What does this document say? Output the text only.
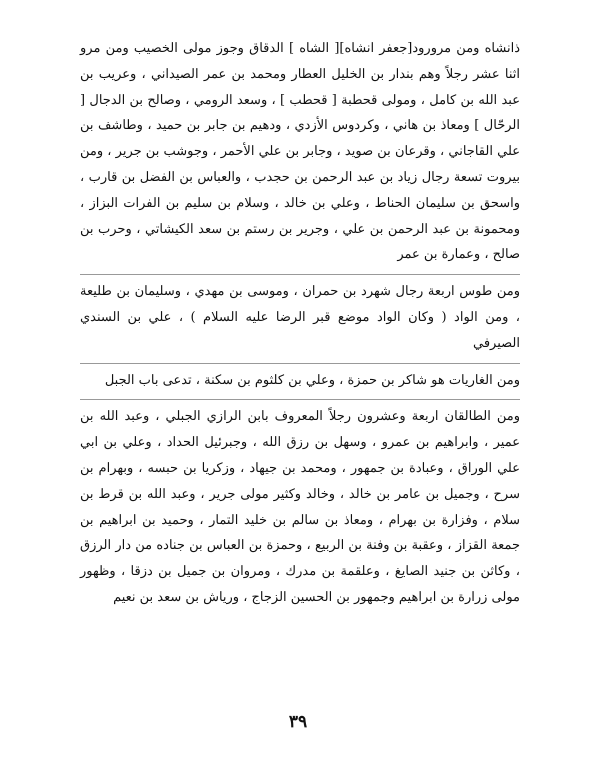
ذانشاه ومن مرورود[جعفر انشاه][ الشاه ] الدقاق وجوز مولى الخصيب ومن مرو اثنا عشر رجلاً وهم بندار بن الخليل العطار ومحمد بن عمر الصيداني ، وعريب بن عبد الله بن كامل ، ومولى قحطبة [ قحطب ] ، وسعد الرومي ، وصالح بن الدجال [ الرحّال ] ومعاذ بن هاني ، وكردوس الأزدي ، ودهيم بن جابر بن حميد ، وطاشف بن علي القاجاني ، وقرعان بن صويد ، وجابر بن علي الأحمر ، وجوشب بن جرير ، ومن بيروت تسعة رجال زياد بن عبد الرحمن بن حجدب ، والعباس بن الفضل بن قارب ، واسحق بن سليمان الحناط ، وعلي بن خالد ، وسلام بن سليم بن الفرات البزاز ، ومحمونة بن عبد الرحمن بن علي ، وجرير بن رستم بن سعد الكيشاتي ، وحرب بن صالح ، وعمارة بن عمر

ومن طوس اربعة رجال شهرد بن حمران ، وموسى بن مهدي ، وسليمان بن طليعة ، ومن الواد ( وكان الواد موضع قبر الرضا عليه السلام ) ، علي بن السندي الصيرفي

ومن الغاريات هو شاكر بن حمزة ، وعلي بن كلثوم بن سكنة ، تدعى باب الجبل

ومن الطالقان اربعة وعشرون رجلاً المعروف بابن الرازي الجبلي ، وعبد الله بن عمير ، وابراهيم بن عمرو ، وسهل بن رزق الله ، وجبرئيل الحداد ، وعلي بن ابي علي الوراق ، وعبادة بن جمهور ، ومحمد بن جيهاد ، وزكريا بن حبسه ، وبهرام بن سرح ، وجميل بن عامر بن خالد ، وخالد وكثير مولى جرير ، وعبد الله بن قرط بن سلام ، وفزارة بن بهرام ، ومعاذ بن سالم بن خليد التمار ، وحميد بن ابراهيم بن جمعة القزاز ، وعقبة بن وفنة بن الربيع ، وحمزة بن العباس بن جناده من دار الرزق ، وكاثن بن جنيد الصايغ ، وعلقمة بن مدرك ، ومروان بن جميل بن دزقا ، وظهور مولى زرارة بن ابراهيم وجمهور بن الحسين الزجاج ، ورياش بن سعد بن نعيم

٣٩
